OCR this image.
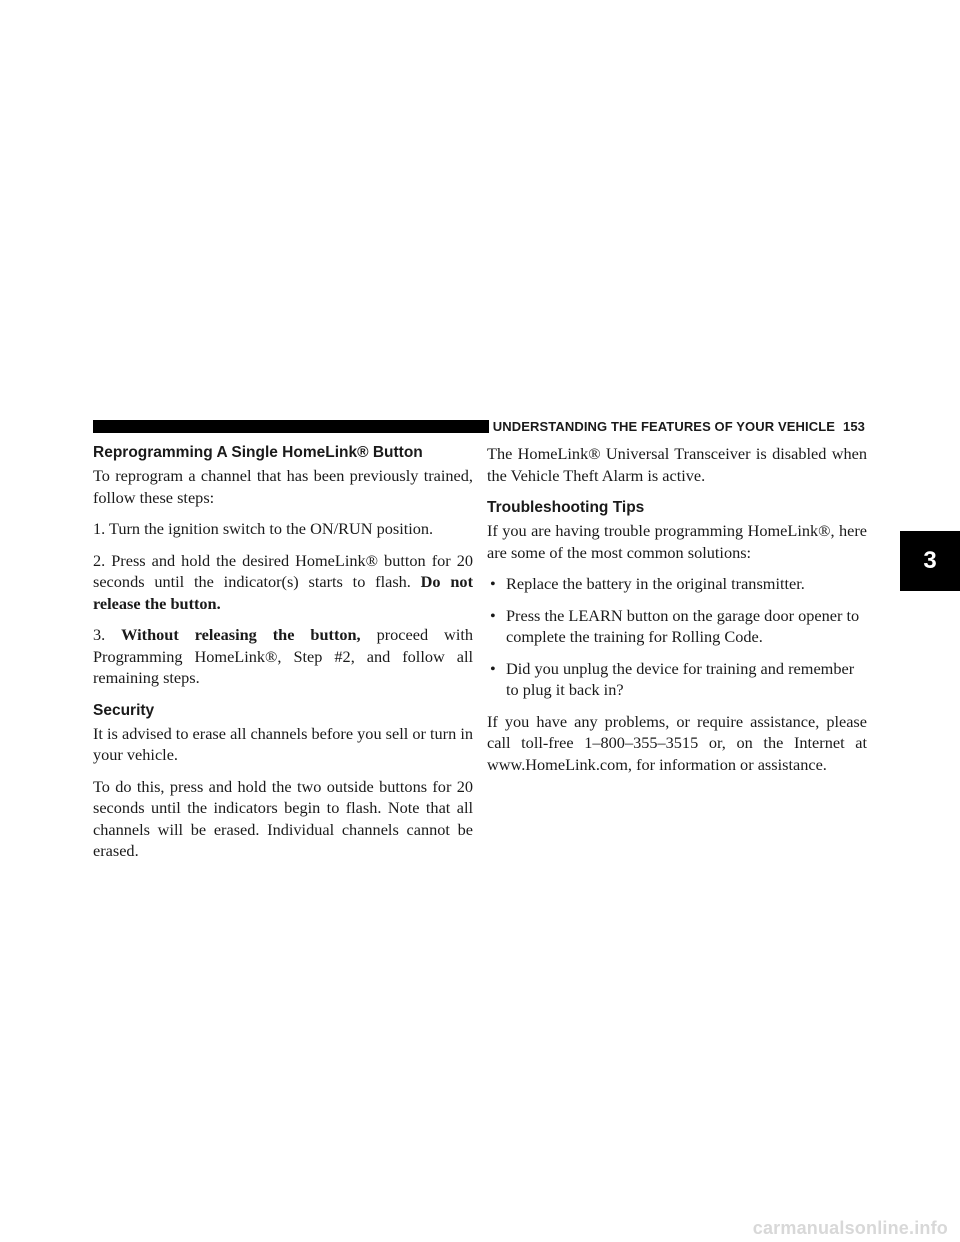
UNDERSTANDING THE FEATURES OF YOUR VEHICLE 153
Reprogramming A Single HomeLink® Button

To reprogram a channel that has been previously trained, follow these steps:

1. Turn the ignition switch to the ON/RUN position.

2. Press and hold the desired HomeLink® button for 20 seconds until the indicator(s) starts to flash. Do not release the button.

3. Without releasing the button, proceed with Programming HomeLink®, Step #2, and follow all remaining steps.

Security

It is advised to erase all channels before you sell or turn in your vehicle.

To do this, press and hold the two outside buttons for 20 seconds until the indicators begin to flash. Note that all channels will be erased. Individual channels cannot be erased.

The HomeLink® Universal Transceiver is disabled when the Vehicle Theft Alarm is active.

Troubleshooting Tips

If you are having trouble programming HomeLink®, here are some of the most common solutions:

• Replace the battery in the original transmitter.
• Press the LEARN button on the garage door opener to complete the training for Rolling Code.
• Did you unplug the device for training and remember to plug it back in?

If you have any problems, or require assistance, please call toll-free 1–800–355–3515 or, on the Internet at www.HomeLink.com, for information or assistance.

3
carmanualsonline.info
